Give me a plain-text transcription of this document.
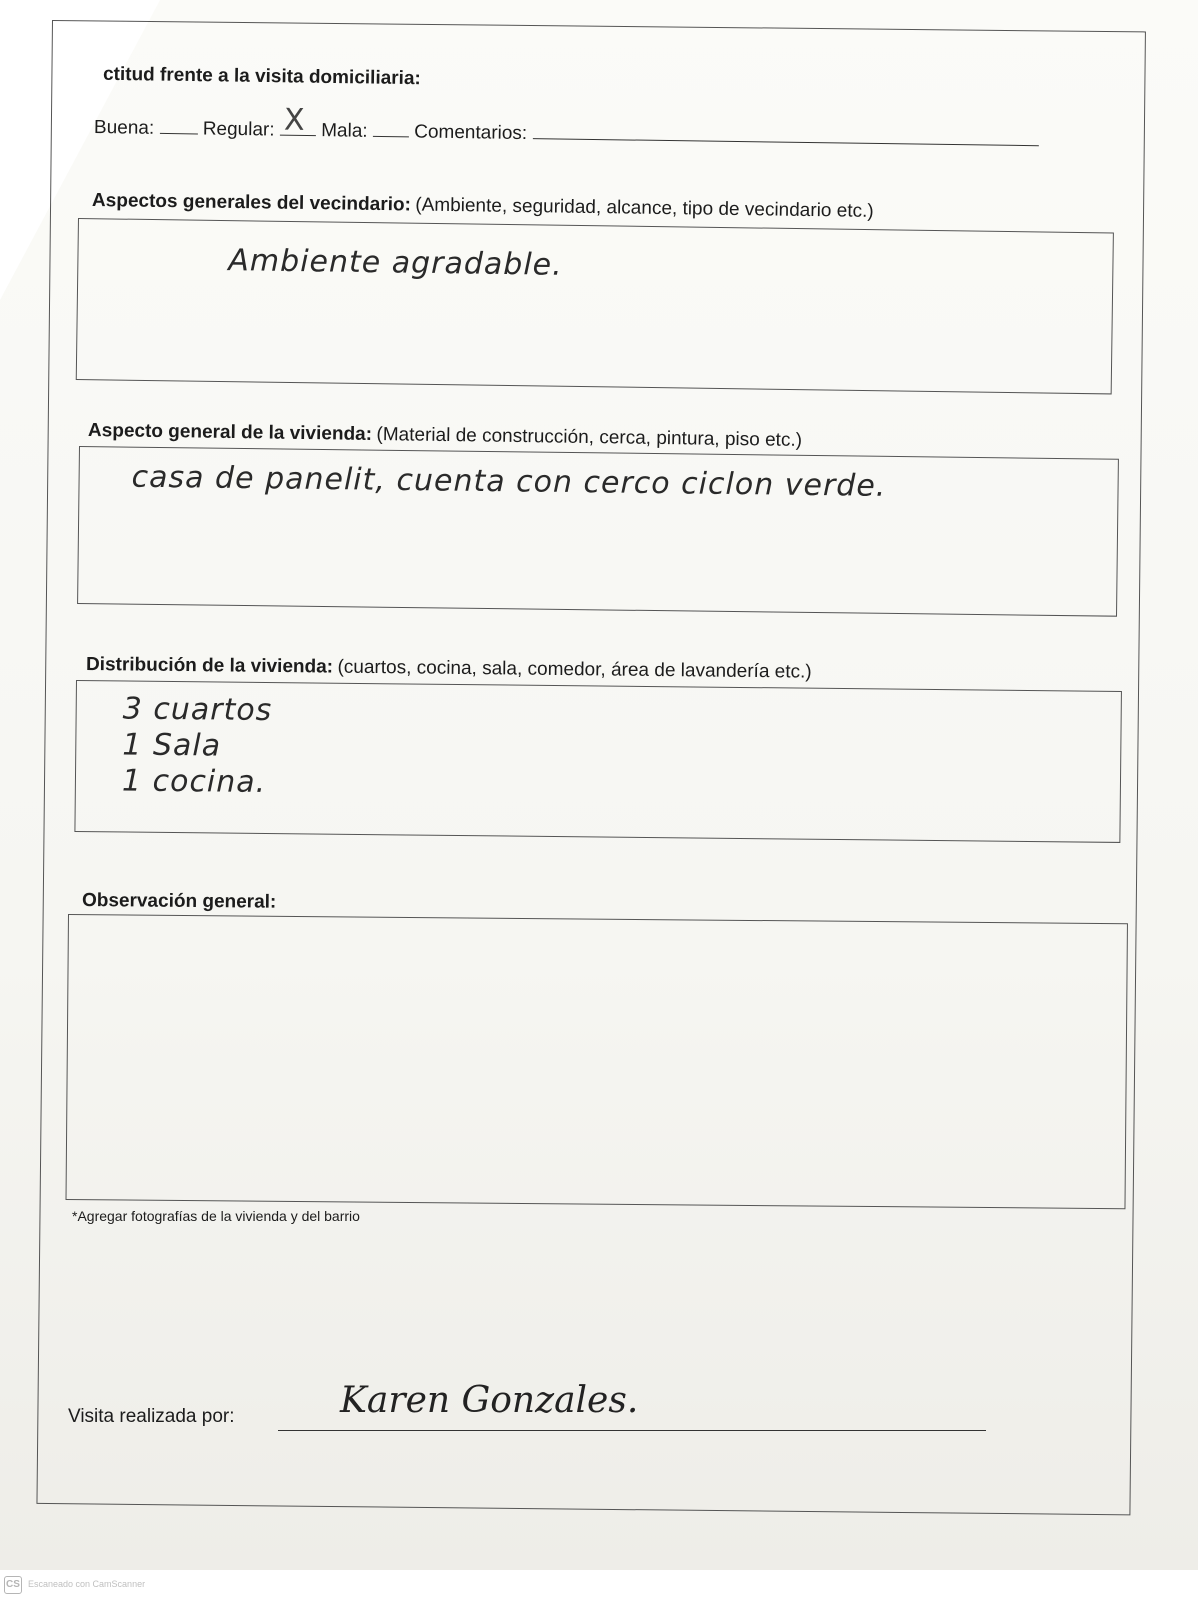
ctitud frente a la visita domiciliaria:
Buena:	Regular: X Mala: Comentarios:
Aspectos generales del vecindario: (Ambiente, seguridad, alcance, tipo de vecindario etc.)
Ambiente agradable.
Aspecto general de la vivienda: (Material de construcción, cerca, pintura, piso etc.)
casa de panelit, cuenta con cerco ciclon verde.
Distribución de la vivienda: (cuartos, cocina, sala, comedor, área de lavandería etc.)
3 cuartos
1 Sala
1 cocina.
Observación general:
*Agregar fotografías de la vivienda y del barrio
Visita realizada por:	Karen Gonzales.
CS Escaneado con CamScanner
